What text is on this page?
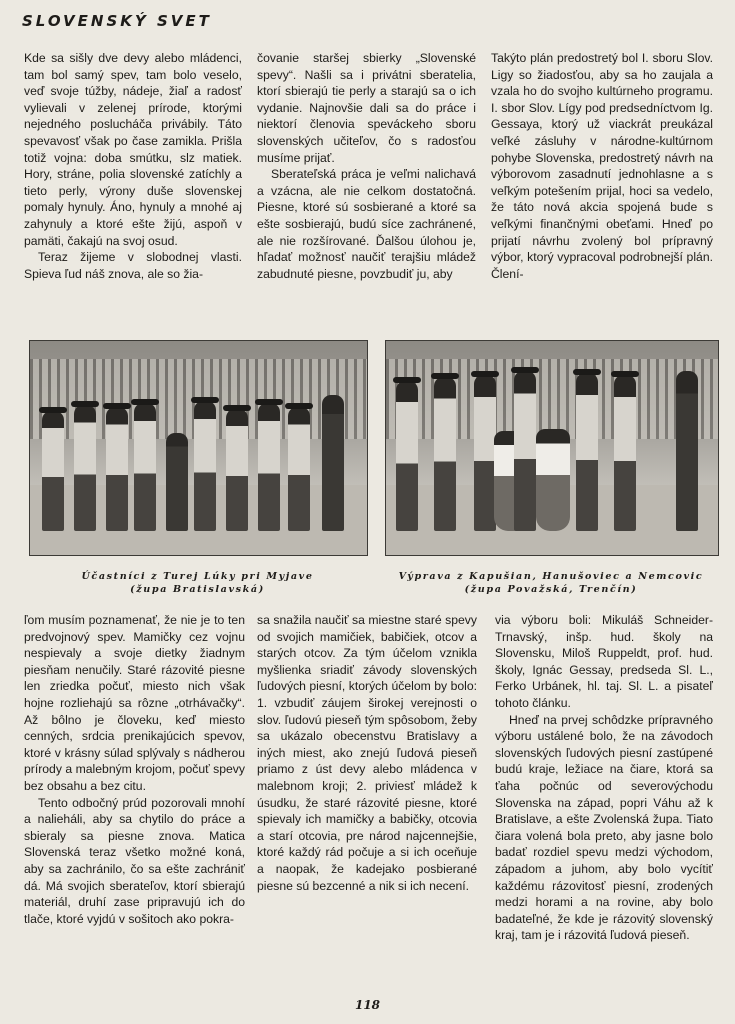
SLOVENSKÝ SVET

Kde sa sišly dve devy alebo mládenci, tam bol samý spev, tam bolo veselo, veď svoje túžby, nádeje, žiaľ a radosť vylievali v zelenej prírode, ktorými nejedného poslucháča privábily. Táto spevavosť však po čase zamikla. Prišla totiž vojna: doba smútku, slz matiek. Hory, stráne, polia slovenské zatíchly a tieto perly, výrony duše slovenskej pomaly hynuly. Áno, hynuly a mnohé aj zahynuly a ktoré ešte žijú, aspoň v pamäti, čakajú na svoj osud.

Teraz žijeme v slobodnej vlasti. Spieva ľud náš znova, ale so žia-

čovanie staršej sbierky „Slovenské spevy“. Našli sa i privátni sberatelia, ktorí sbierajú tie perly a starajú sa o ich vydanie. Najnovšie dali sa do práce i niektorí členovia speváckeho sboru slovenských učiteľov, čo s radosťou musíme prijať.

Sberateľská práca je veľmi nalichavá a vzácna, ale nie celkom dostatočná. Piesne, ktoré sú sosbierané a ktoré sa ešte sosbierajú, budú síce zachránené, ale nie rozšírované. Ďalšou úlohou je, hľadať možnosť naučiť terajšiu mládež zabudnuté piesne, povzbudiť ju, aby

Takýto plán predostretý bol I. sboru Slov. Ligy so žiadosťou, aby sa ho zaujala a vzala ho do svojho kultúrneho programu. I. sbor Slov. Lígy pod predsedníctvom Ig. Gessaya, ktorý už viackrát preukázal veľké zásluhy v národne-kultúrnom pohybe Slovenska, predostretý návrh na výborovom zasadnutí jednohlasne a s veľkým potešením prijal, hoci sa vedelo, že táto nová akcia spojená bude s veľkými finančnými obeťami. Hneď po prijatí návrhu zvolený bol prípravný výbor, ktorý vypracoval podrobnejší plán. Člení-

Účastníci z Turej Lúky pri Myjave
(župa Bratislavská)
Výprava z Kapušian, Hanušoviec a Nemcovic
(župa Považská, Trenčín)

ľom musím poznamenať, že nie je to ten predvojnový spev. Mamičky cez vojnu nespievaly a svoje dietky žiadnym piesňam nenučily. Staré rázovité piesne len zriedka počuť, miesto nich však hojne rozliehajú sa rôzne „otrhávačky“. Až bôlno je človeku, keď miesto cenných, srdcia prenikajúcich spevov, ktoré v krásny súlad splývaly s nádherou prírody a malebným krojom, počuť spevy bez obsahu a bez citu.

Tento odbočný prúd pozorovali mnohí a nalieháli, aby sa chytilo do práce a sbieraly sa piesne znova. Matica Slovenská teraz všetko možné koná, aby sa zachránilo, čo sa ešte zachrániť dá. Má svojich sberateľov, ktorí sbierajú materiál, druhí zase pripravujú ich do tlače, ktoré vyjdú v sošitoch ako pokra-

sa snažila naučiť sa miestne staré spevy od svojich mamičiek, babičiek, otcov a starých otcov. Za tým účelom vznikla myšlienka sriadiť závody slovenských ľudových piesní, ktorých účelom by bolo: 1. vzbudiť záujem širokej verejnosti o slov. ľudovú pieseň tým spôsobom, žeby sa ukázalo obecenstvu Bratislavy a iných miest, ako znejú ľudová pieseň priamo z úst devy alebo mládenca v malebnom kroji; 2. priviesť mládež k úsudku, že staré rázovité piesne, ktoré spievaly ich mamičky a babičky, otcovia a starí otcovia, pre národ najcennejšie, ktoré každý rád počuje a si ich oceňuje a naopak, že kadejako posbierané piesne sú bezcenné a nik si ich necení.

via výboru boli: Mikuláš Schneider-Trnavský, inšp. hud. školy na Slovensku, Miloš Ruppeldt, prof. hud. školy, Ignác Gessay, predseda Sl. L., Ferko Urbánek, hl. taj. Sl. L. a pisateľ tohoto článku.

Hneď na prvej schôdzke prípravného výboru ustálené bolo, že na závodoch slovenských ľudových piesní zastúpené budú kraje, ležiace na čiare, ktorá sa ťaha počnúc od severovýchodu Slovenska na západ, popri Váhu až k Bratislave, a ešte Zvolenská župa. Tiato čiara volená bola preto, aby jasne bolo badať rozdiel spevu medzi východom, západom a juhom, aby bolo vycítiť každému rázovitosť piesní, zrodených medzi horami a na rovine, aby bolo badateľné, že kde je rázovitý slovenský kraj, tam je i rázovitá ľudová pieseň.

118
